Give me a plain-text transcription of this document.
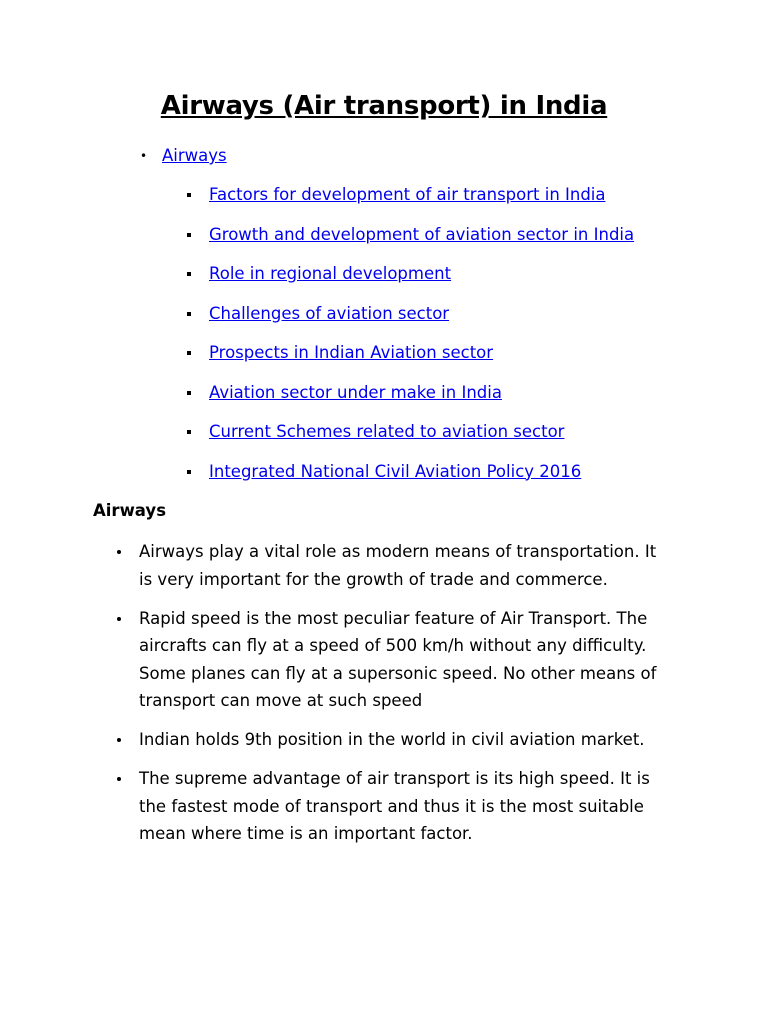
Airways (Air transport) in India
• Airways
Factors for development of air transport in India
Growth and development of aviation sector in India
Role in regional development
Challenges of aviation sector
Prospects in Indian Aviation sector
Aviation sector under make in India
Current Schemes related to aviation sector
Integrated National Civil Aviation Policy 2016
Airways
Airways play a vital role as modern means of transportation. It is very important for the growth of trade and commerce.
Rapid speed is the most peculiar feature of Air Transport. The aircrafts can fly at a speed of 500 km/h without any difficulty. Some planes can fly at a supersonic speed. No other means of transport can move at such speed
Indian holds 9th position in the world in civil aviation market.
The supreme advantage of air transport is its high speed. It is the fastest mode of transport and thus it is the most suitable mean where time is an important factor.
